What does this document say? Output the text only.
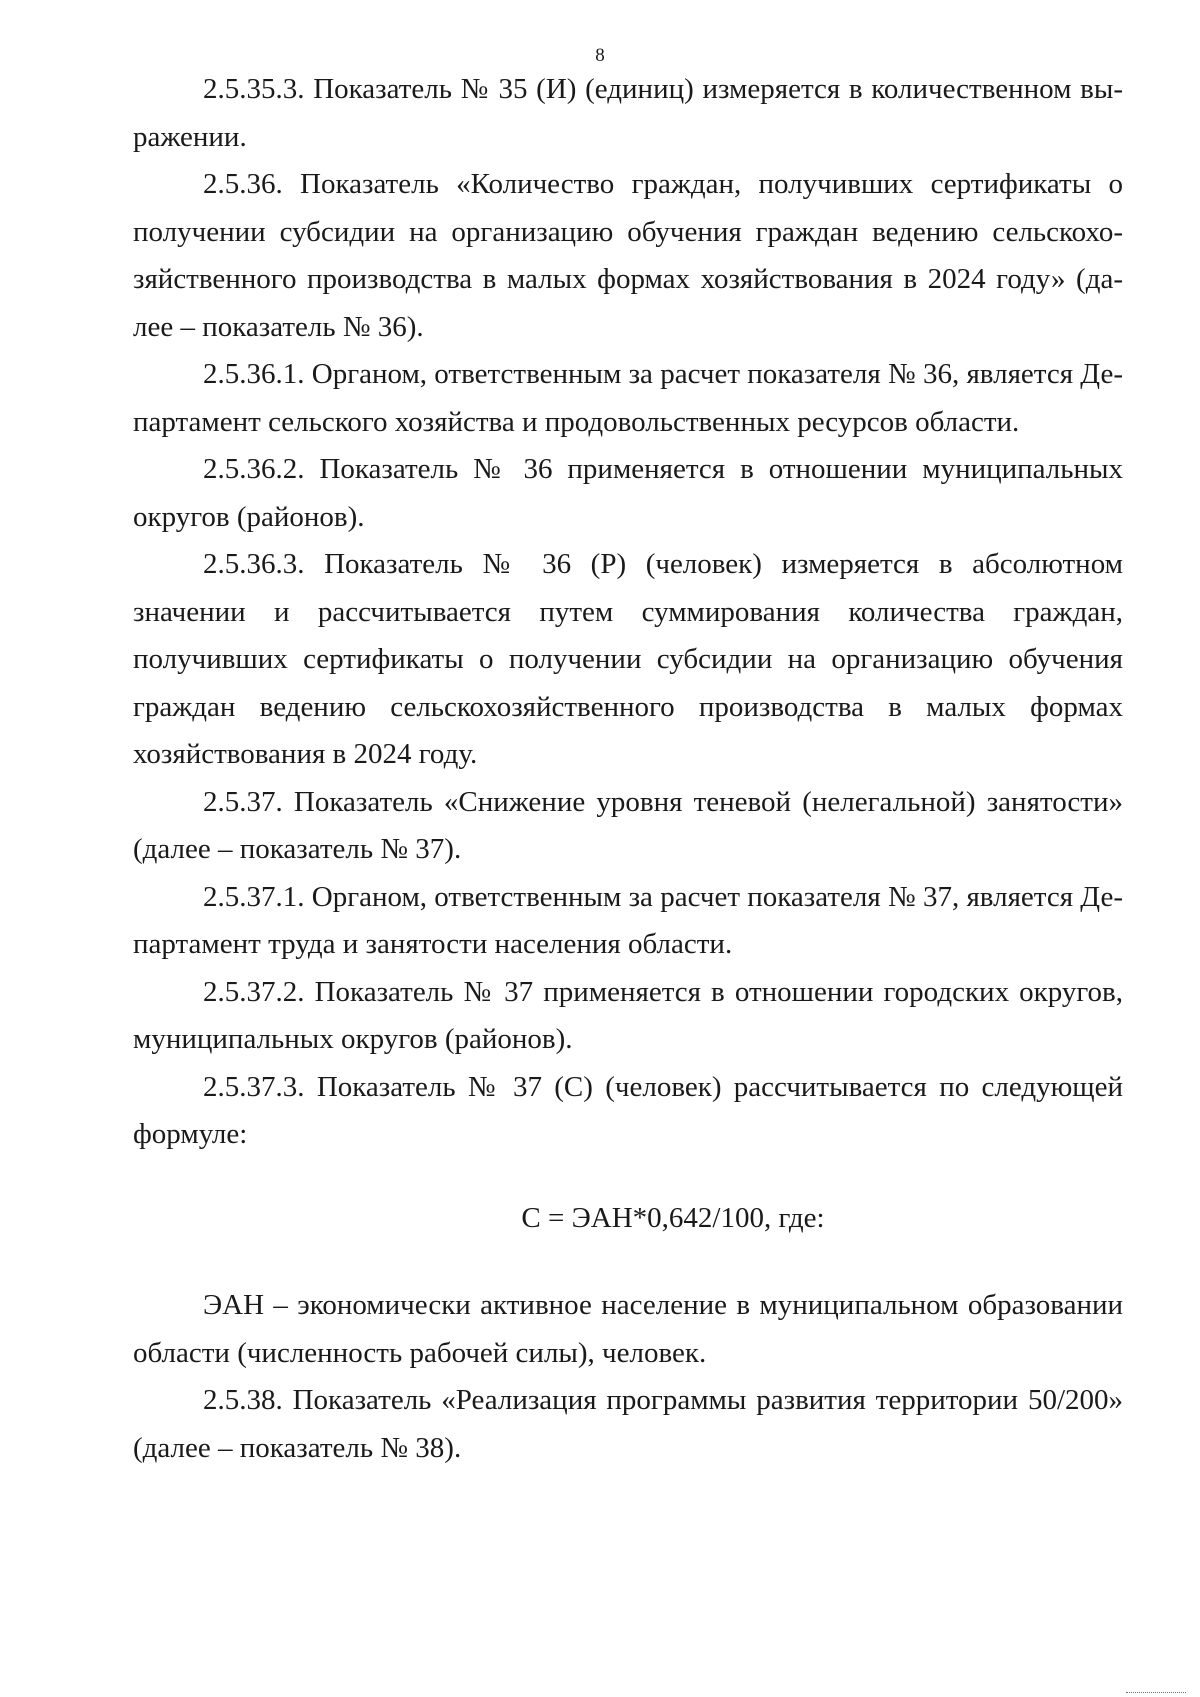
8

2.5.35.3. Показатель № 35 (И) (единиц) измеряется в количественном выражении.

2.5.36. Показатель «Количество граждан, получивших сертификаты о получении субсидии на организацию обучения граждан ведению сельскохозяйственного производства в малых формах хозяйствования в 2024 году» (далее – показатель № 36).

2.5.36.1. Органом, ответственным за расчет показателя № 36, является Департамент сельского хозяйства и продовольственных ресурсов области.

2.5.36.2. Показатель № 36 применяется в отношении муниципальных округов (районов).

2.5.36.3. Показатель № 36 (Р) (человек) измеряется в абсолютном значении и рассчитывается путем суммирования количества граждан, получивших сертификаты о получении субсидии на организацию обучения граждан ведению сельскохозяйственного производства в малых формах хозяйствования в 2024 году.

2.5.37. Показатель «Снижение уровня теневой (нелегальной) занятости» (далее – показатель № 37).

2.5.37.1. Органом, ответственным за расчет показателя № 37, является Департамент труда и занятости населения области.

2.5.37.2. Показатель № 37 применяется в отношении городских округов, муниципальных округов (районов).

2.5.37.3. Показатель № 37 (С) (человек) рассчитывается по следующей формуле:

С = ЭАН*0,642/100, где:

ЭАН – экономически активное население в муниципальном образовании области (численность рабочей силы), человек.

2.5.38. Показатель «Реализация программы развития территории 50/200» (далее – показатель № 38).
